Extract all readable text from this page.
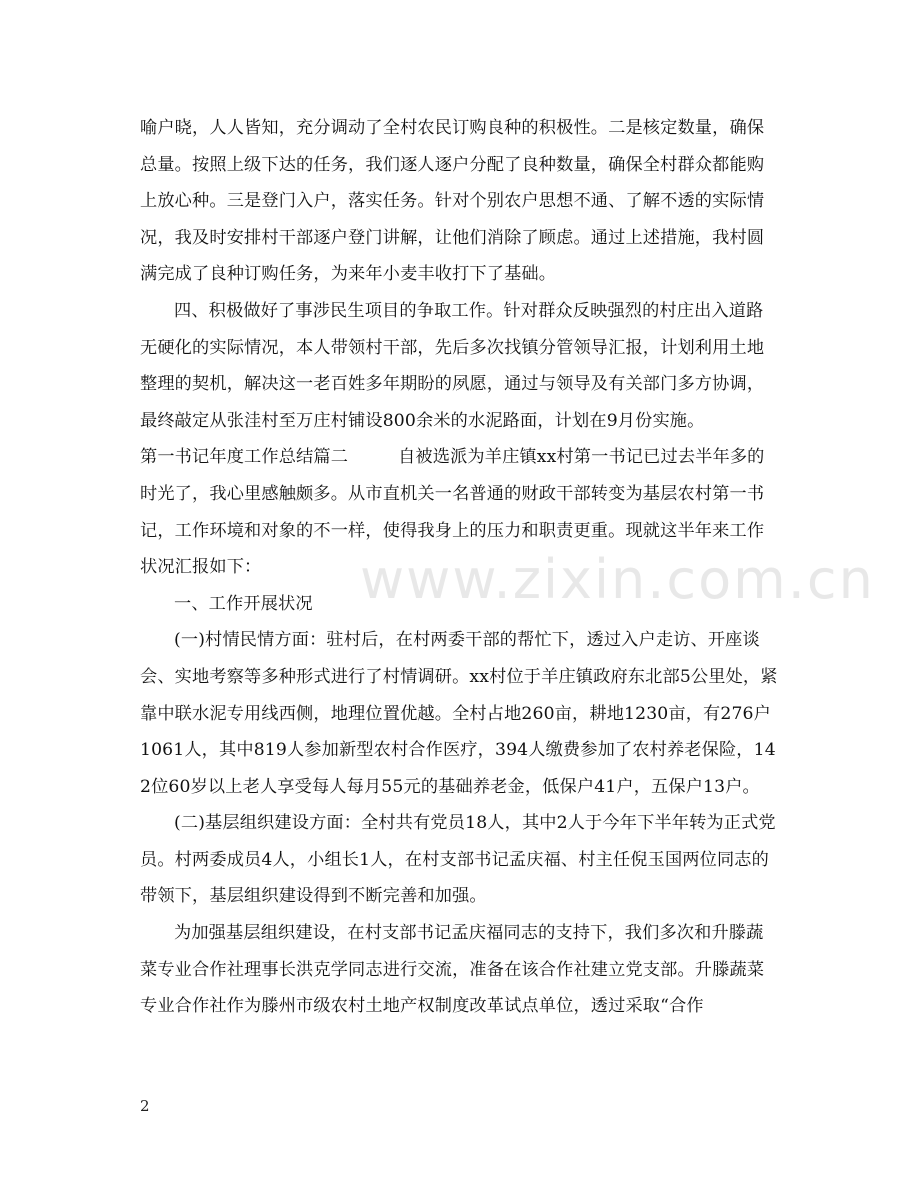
www.zixin.com.cn

喻户晓，人人皆知，充分调动了全村农民订购良种的积极性。二是核定数量，确保总量。按照上级下达的任务，我们逐人逐户分配了良种数量，确保全村群众都能购上放心种。三是登门入户，落实任务。针对个别农户思想不通、了解不透的实际情况，我及时安排村干部逐户登门讲解，让他们消除了顾虑。通过上述措施，我村圆满完成了良种订购任务，为来年小麦丰收打下了基础。

四、积极做好了事涉民生项目的争取工作。针对群众反映强烈的村庄出入道路无硬化的实际情况，本人带领村干部，先后多次找镇分管领导汇报，计划利用土地整理的契机，解决这一老百姓多年期盼的夙愿，通过与领导及有关部门多方协调，最终敲定从张洼村至万庄村铺设800余米的水泥路面，计划在9月份实施。

第一书记年度工作总结篇二	自被选派为羊庄镇xx村第一书记已过去半年多的时光了，我心里感触颇多。从市直机关一名普通的财政干部转变为基层农村第一书记，工作环境和对象的不一样，使得我身上的压力和职责更重。现就这半年来工作状况汇报如下：

一、工作开展状况

(一)村情民情方面：驻村后，在村两委干部的帮忙下，透过入户走访、开座谈会、实地考察等多种形式进行了村情调研。xx村位于羊庄镇政府东北部5公里处，紧靠中联水泥专用线西侧，地理位置优越。全村占地260亩，耕地1230亩，有276户1061人，其中819人参加新型农村合作医疗，394人缴费参加了农村养老保险，142位60岁以上老人享受每人每月55元的基础养老金，低保户41户，五保户13户。

(二)基层组织建设方面：全村共有党员18人，其中2人于今年下半年转为正式党员。村两委成员4人，小组长1人，在村支部书记孟庆福、村主任倪玉国两位同志的带领下，基层组织建设得到不断完善和加强。

为加强基层组织建设，在村支部书记孟庆福同志的支持下，我们多次和升滕蔬菜专业合作社理事长洪克学同志进行交流，准备在该合作社建立党支部。升滕蔬菜专业合作社作为滕州市级农村土地产权制度改革试点单位，透过采取“合作

2
